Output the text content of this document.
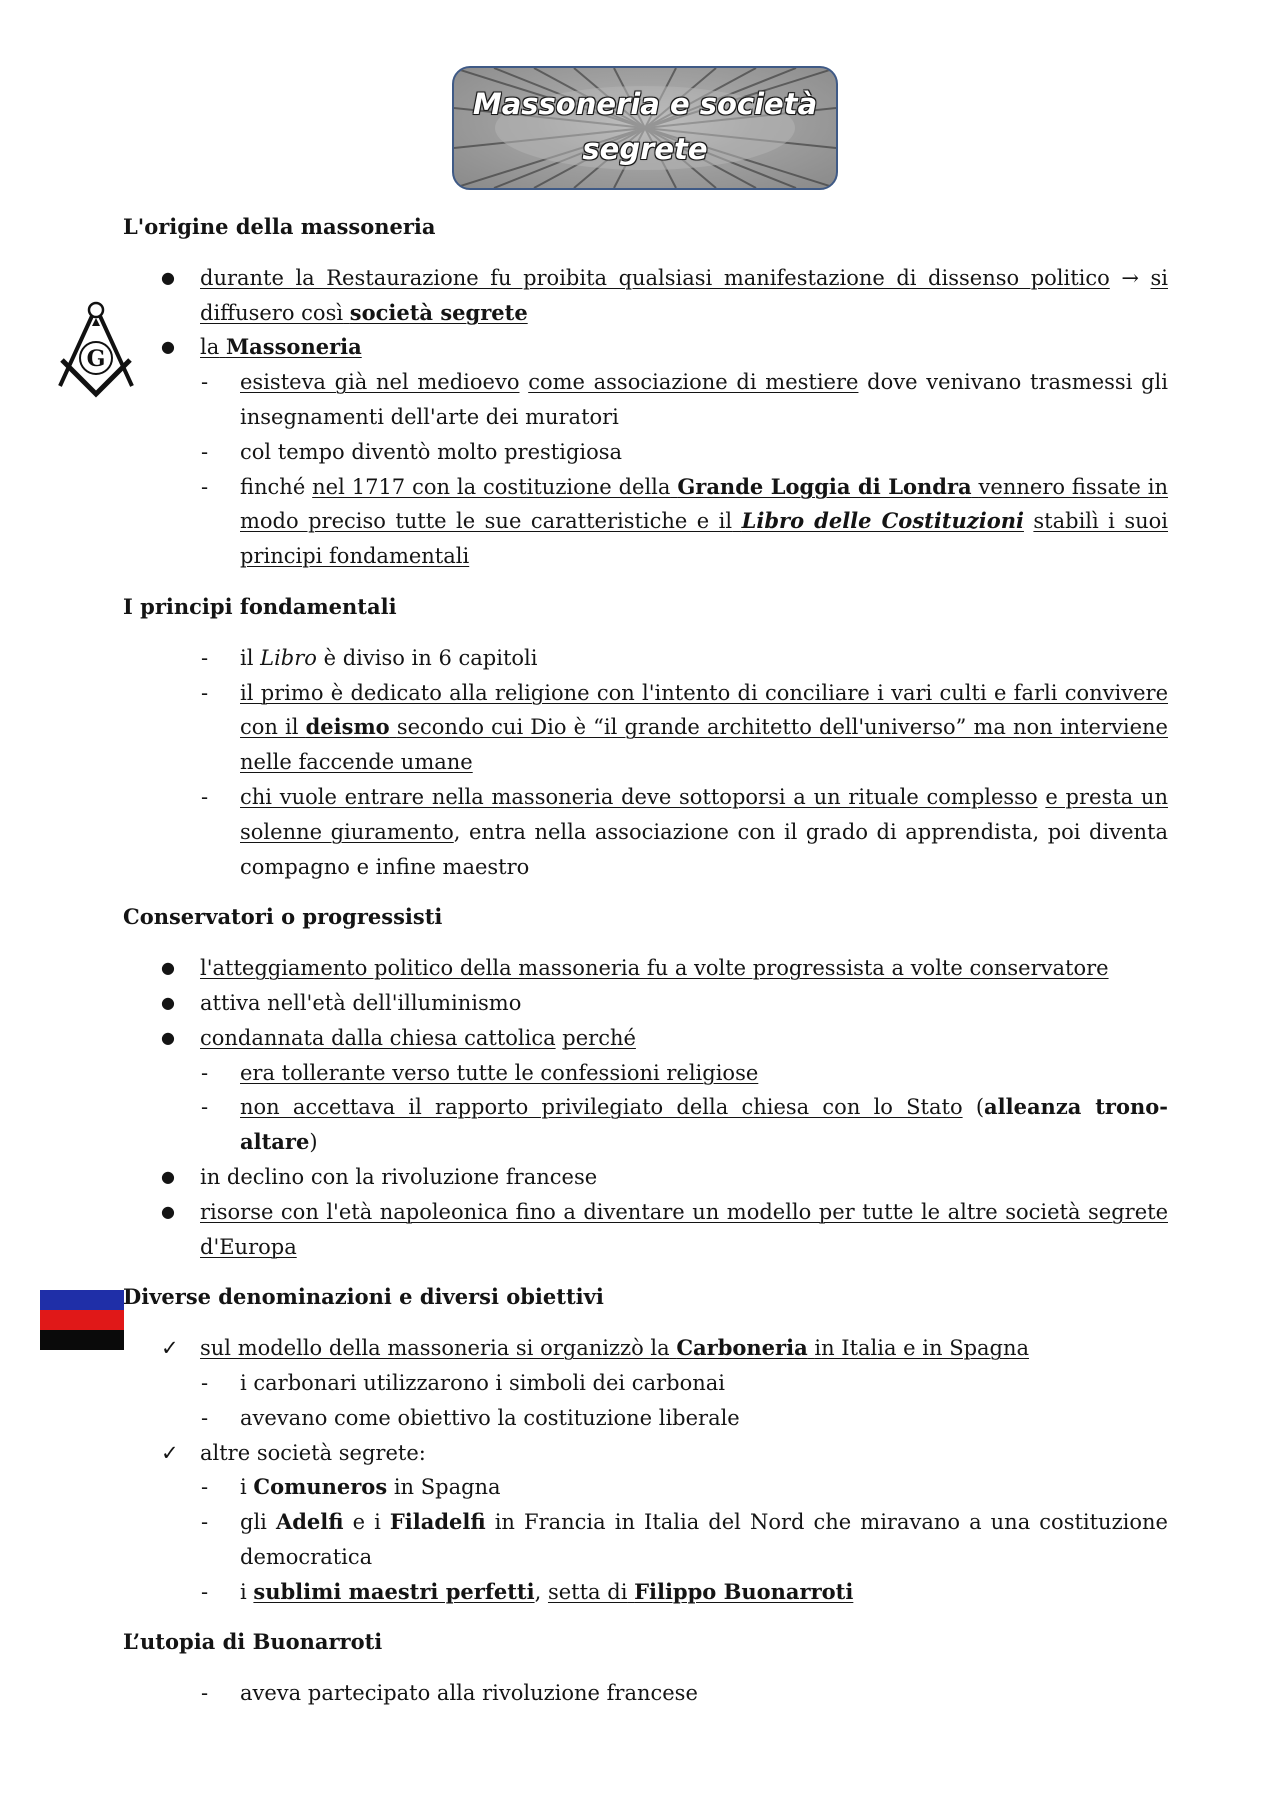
Massoneria e società
segrete
G

L'origine della massoneria

● durante la Restaurazione fu proibita qualsiasi manifestazione di dissenso politico → si diffusero così società segrete
● la Massoneria
- esisteva già nel medioevo come associazione di mestiere dove venivano trasmessi gli insegnamenti dell'arte dei muratori
- col tempo diventò molto prestigiosa
- finché nel 1717 con la costituzione della Grande Loggia di Londra vennero fissate in modo preciso tutte le sue caratteristiche e il Libro delle Costituzioni stabilì i suoi principi fondamentali

I principi fondamentali

- il Libro è diviso in 6 capitoli
- il primo è dedicato alla religione con l'intento di conciliare i vari culti e farli convivere con il deismo secondo cui Dio è “il grande architetto dell'universo” ma non interviene nelle faccende umane
- chi vuole entrare nella massoneria deve sottoporsi a un rituale complesso e presta un solenne giuramento, entra nella associazione con il grado di apprendista, poi diventa compagno e infine maestro

Conservatori o progressisti

● l'atteggiamento politico della massoneria fu a volte progressista a volte conservatore
● attiva nell'età dell'illuminismo
● condannata dalla chiesa cattolica perché
- era tollerante verso tutte le confessioni religiose
- non accettava il rapporto privilegiato della chiesa con lo Stato (alleanza trono-altare)
● in declino con la rivoluzione francese
● risorse con l'età napoleonica fino a diventare un modello per tutte le altre società segrete d'Europa

Diverse denominazioni e diversi obiettivi

✓ sul modello della massoneria si organizzò la Carboneria in Italia e in Spagna
- i carbonari utilizzarono i simboli dei carbonai
- avevano come obiettivo la costituzione liberale
✓ altre società segrete:
- i Comuneros in Spagna
- gli Adelfi e i Filadelfi in Francia in Italia del Nord che miravano a una costituzione democratica
- i sublimi maestri perfetti, setta di Filippo Buonarroti

L’utopia di Buonarroti

- aveva partecipato alla rivoluzione francese
